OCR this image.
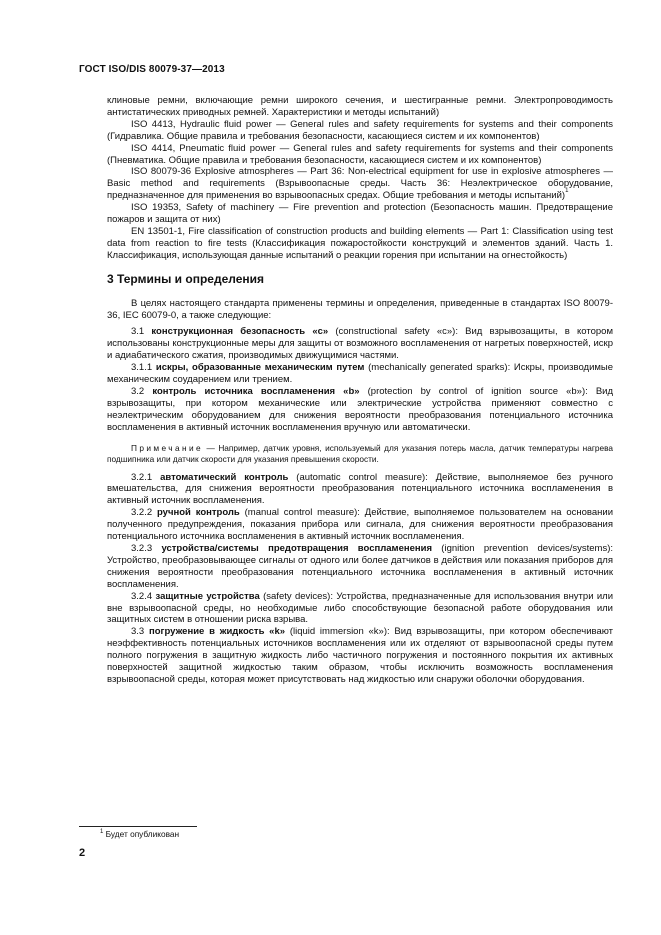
ГОСТ ISO/DIS 80079-37—2013

клиновые ремни, включающие ремни широкого сечения, и шестигранные ремни. Электропроводимость антистатических приводных ремней. Характеристики и методы испытаний)

ISO 4413, Hydraulic fluid power — General rules and safety requirements for systems and their components (Гидравлика. Общие правила и требования безопасности, касающиеся систем и их компонентов)

ISO 4414, Pneumatic fluid power — General rules and safety requirements for systems and their components (Пневматика. Общие правила и требования безопасности, касающиеся систем и их компонентов)

ISO 80079-36 Explosive atmospheres — Part 36: Non-electrical equipment for use in explosive atmospheres — Basic method and requirements (Взрывоопасные среды. Часть 36: Неэлектрическое оборудование, предназначенное для применения во взрывоопасных средах. Общие требования и методы испытаний)$^1$

ISO 19353, Safety of machinery — Fire prevention and protection (Безопасность машин. Предотвращение пожаров и защита от них)

EN 13501-1, Fire classification of construction products and building elements — Part 1: Classification using test data from reaction to fire tests (Классификация пожаростойкости конструкций и элементов зданий. Часть 1. Классификация, использующая данные испытаний о реакции горения при испытании на огнестойкость)

3 Термины и определения

В целях настоящего стандарта применены термины и определения, приведенные в стандартах ISO 80079-36, IEC 60079-0, а также следующие:

3.1 конструкционная безопасность «c» (constructional safety «c»): Вид взрывозащиты, в котором использованы конструкционные меры для защиты от возможного воспламенения от нагретых поверхностей, искр и адиабатического сжатия, производимых движущимися частями.

3.1.1 искры, образованные механическим путем (mechanically generated sparks): Искры, производимые механическим соударением или трением.

3.2 контроль источника воспламенения «b» (protection by control of ignition source «b»): Вид взрывозащиты, при котором механические или электрические устройства применяют совместно с неэлектрическим оборудованием для снижения вероятности преобразования потенциального источника воспламенения в активный источник воспламенения вручную или автоматически.

Примечание — Например, датчик уровня, используемый для указания потерь масла, датчик температуры нагрева подшипника или датчик скорости для указания превышения скорости.

3.2.1 автоматический контроль (automatic control measure): Действие, выполняемое без ручного вмешательства, для снижения вероятности преобразования потенциального источника воспламенения в активный источник воспламенения.

3.2.2 ручной контроль (manual control measure): Действие, выполняемое пользователем на основании полученного предупреждения, показания прибора или сигнала, для снижения вероятности преобразования потенциального источника воспламенения в активный источник воспламенения.

3.2.3 устройства/системы предотвращения воспламенения (ignition prevention devices/systems): Устройство, преобразовывающее сигналы от одного или более датчиков в действия или показания приборов для снижения вероятности преобразования потенциального источника воспламенения в активный источник воспламенения.

3.2.4 защитные устройства (safety devices): Устройства, предназначенные для использования внутри или вне взрывоопасной среды, но необходимые либо способствующие безопасной работе оборудования или защитных систем в отношении риска взрыва.

3.3 погружение в жидкость «k» (liquid immersion «k»): Вид взрывозащиты, при котором обеспечивают неэффективность потенциальных источников воспламенения или их отделяют от взрывоопасной среды путем полного погружения в защитную жидкость либо частичного погружения и постоянного покрытия их активных поверхностей защитной жидкостью таким образом, чтобы исключить возможность воспламенения взрывоопасной среды, которая может присутствовать над жидкостью или снаружи оболочки оборудования.

$^1$ Будет опубликован
2
